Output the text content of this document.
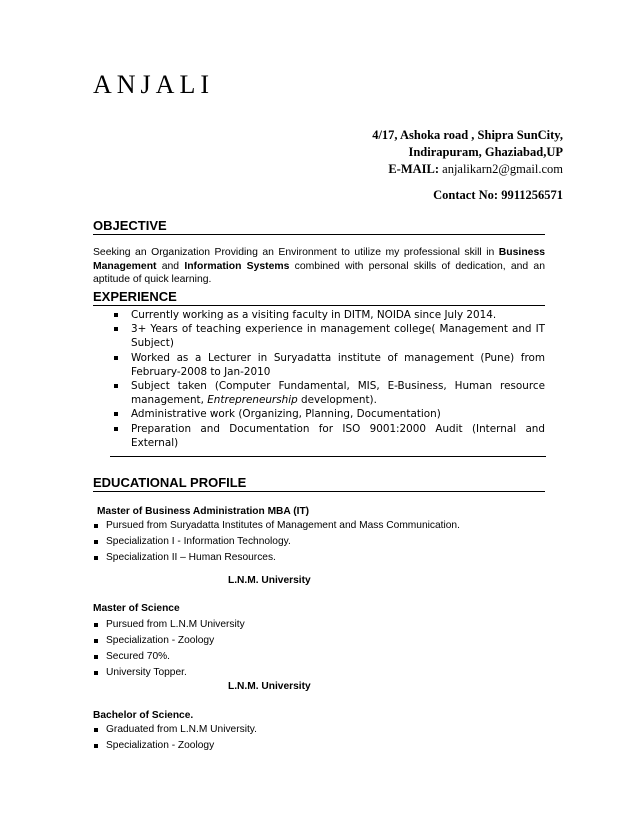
ANJALI
4/17, Ashoka road , Shipra SunCity,
Indirapuram, Ghaziabad,UP
E-MAIL: anjalikarn2@gmail.com
Contact No: 9911256571
OBJECTIVE
Seeking an Organization Providing an Environment to utilize my professional skill in Business Management and Information Systems combined with personal skills of dedication, and an aptitude of quick learning.
EXPERIENCE
Currently working as a visiting faculty in DITM, NOIDA since July 2014.
3+ Years of teaching experience in management college( Management and IT Subject)
Worked as a Lecturer in Suryadatta institute of management (Pune) from February-2008 to Jan-2010
Subject taken (Computer Fundamental, MIS, E-Business, Human resource management, Entrepreneurship development).
Administrative work (Organizing, Planning, Documentation)
Preparation and Documentation for ISO 9001:2000 Audit (Internal and External)
EDUCATIONAL PROFILE
Master of Business Administration MBA (IT)
Pursued from Suryadatta Institutes of Management and Mass Communication.
Specialization I - Information Technology.
Specialization II – Human Resources.
L.N.M. University
Master of Science
Pursued from L.N.M University
Specialization - Zoology
Secured 70%.
University Topper.
L.N.M. University
Bachelor of Science.
Graduated from L.N.M University.
Specialization - Zoology
